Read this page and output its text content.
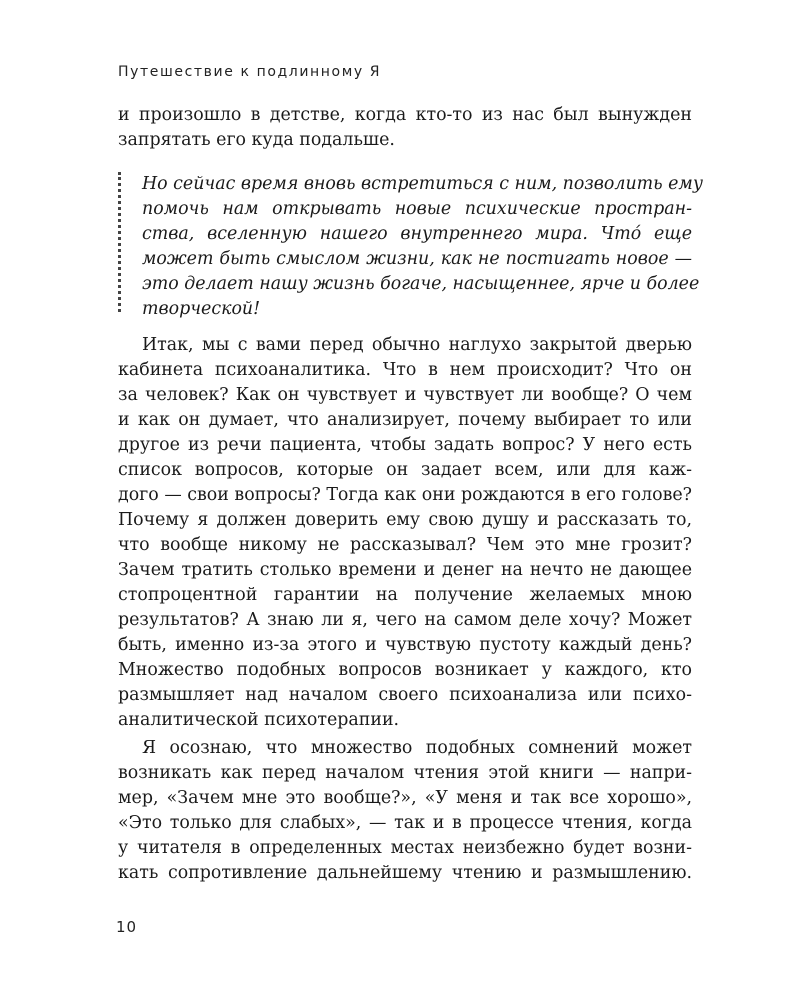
Путешествие к подлинному Я
и произошло в детстве, когда кто-то из нас был вынужден
запрятать его куда подальше.
Но сейчас время вновь встретиться с ним, позволить ему
помочь нам открывать новые психические простран-
ства, вселенную нашего внутреннего мира. Что́ еще
может быть смыслом жизни, как не постигать новое —
это делает нашу жизнь богаче, насыщеннее, ярче и более
творческой!
Итак, мы с вами перед обычно наглухо закрытой дверью
кабинета психоаналитика. Что в нем происходит? Что он
за человек? Как он чувствует и чувствует ли вообще? О чем
и как он думает, что анализирует, почему выбирает то или
другое из речи пациента, чтобы задать вопрос? У него есть
список вопросов, которые он задает всем, или для каж-
дого — свои вопросы? Тогда как они рождаются в его голове?
Почему я должен доверить ему свою душу и рассказать то,
что вообще никому не рассказывал? Чем это мне грозит?
Зачем тратить столько времени и денег на нечто не дающее
стопроцентной гарантии на получение желаемых мною
результатов? А знаю ли я, чего на самом деле хочу? Может
быть, именно из-за этого и чувствую пустоту каждый день?
Множество подобных вопросов возникает у каждого, кто
размышляет над началом своего психоанализа или психо-
аналитической психотерапии.
Я осознаю, что множество подобных сомнений может
возникать как перед началом чтения этой книги — напри-
мер, «Зачем мне это вообще?», «У меня и так все хорошо»,
«Это только для слабых», — так и в процессе чтения, когда
у читателя в определенных местах неизбежно будет возни-
кать сопротивление дальнейшему чтению и размышлению.
10
